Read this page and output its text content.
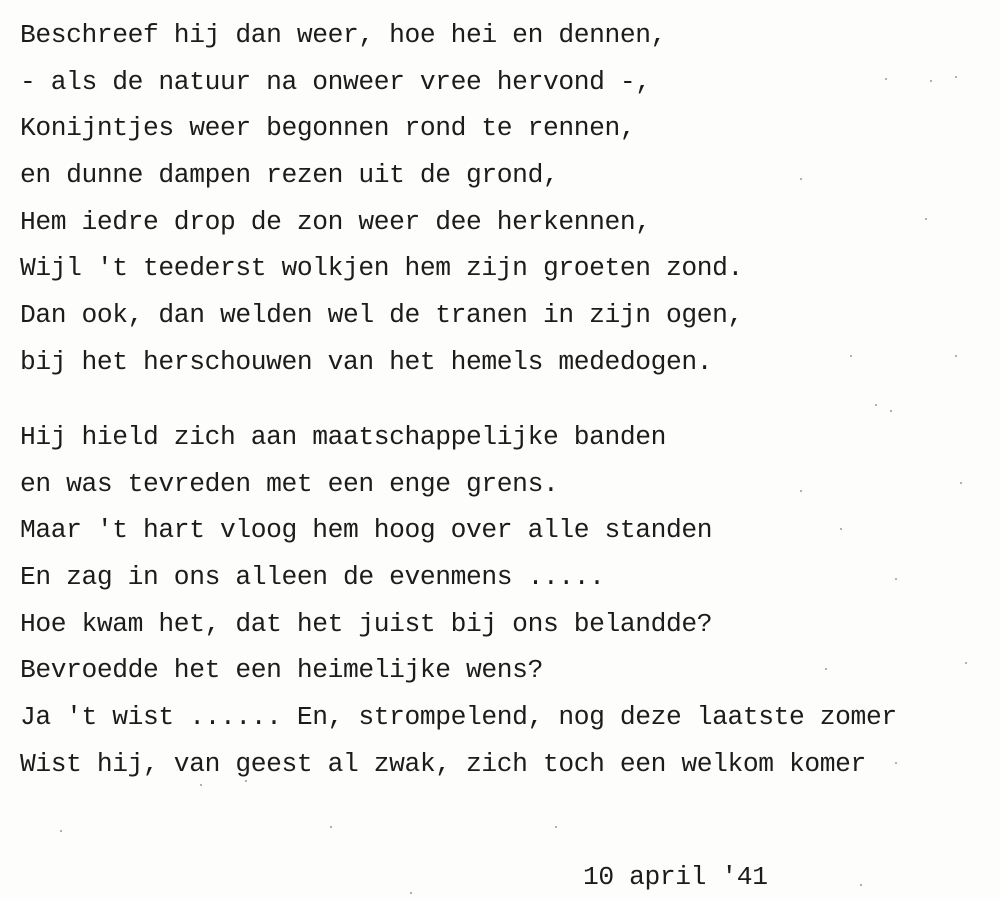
Beschreef hij dan weer, hoe hei en dennen,
- als de natuur na onweer vree hervond -,
Konijntjes weer begonnen rond te rennen,
en dunne dampen rezen uit de grond,
Hem iedre drop de zon weer dee herkennen,
Wijl 't teederst wolkjen hem zijn groeten zond.
Dan ook, dan welden wel de tranen in zijn ogen,
bij het herschouwen van het hemels mededogen.
Hij hield zich aan maatschappelijke banden
en was tevreden met een enge grens.
Maar 't hart vloog hem hoog over alle standen
En zag in ons alleen de evenmens .....
Hoe kwam het, dat het juist bij ons belandde?
Bevroedde het een heimelijke wens?
Ja 't wist ...... En, strompelend, nog deze laatste zomer
Wist hij, van geest al zwak, zich toch een welkom komer
10 april '41
